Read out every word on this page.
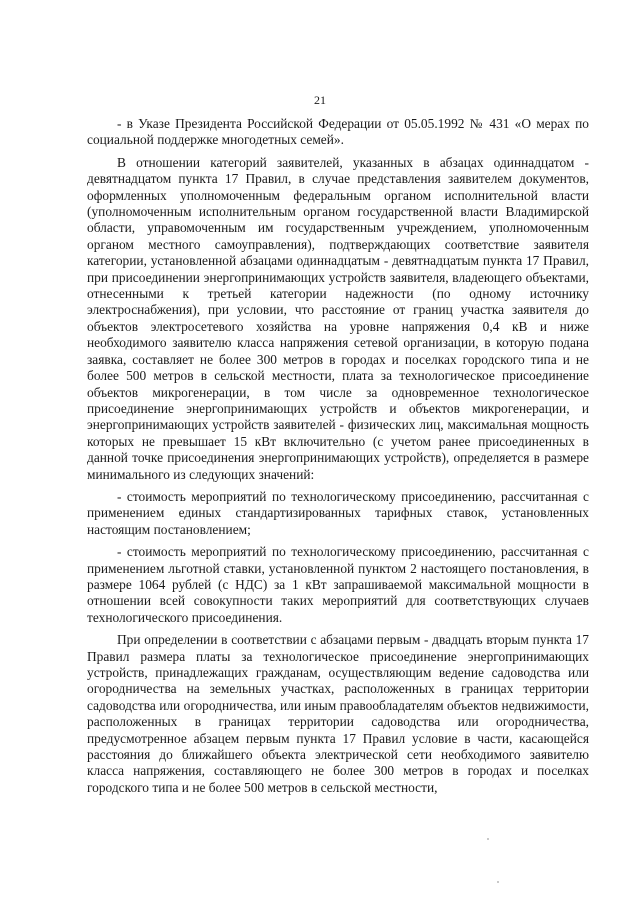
21

- в Указе Президента Российской Федерации от 05.05.1992 № 431 «О мерах по социальной поддержке многодетных семей».

В отношении категорий заявителей, указанных в абзацах одиннадцатом - девятнадцатом пункта 17 Правил, в случае представления заявителем документов, оформленных уполномоченным федеральным органом исполнительной власти (уполномоченным исполнительным органом государственной власти Владимирской области, управомоченным им государственным учреждением, уполномоченным органом местного самоуправления), подтверждающих соответствие заявителя категории, установленной абзацами одиннадцатым - девятнадцатым пункта 17 Правил, при присоединении энергопринимающих устройств заявителя, владеющего объектами, отнесенными к третьей категории надежности (по одному источнику электроснабжения), при условии, что расстояние от границ участка заявителя до объектов электросетевого хозяйства на уровне напряжения 0,4 кВ и ниже необходимого заявителю класса напряжения сетевой организации, в которую подана заявка, составляет не более 300 метров в городах и поселках городского типа и не более 500 метров в сельской местности, плата за технологическое присоединение объектов микрогенерации, в том числе за одновременное технологическое присоединение энергопринимающих устройств и объектов микрогенерации, и энергопринимающих устройств заявителей - физических лиц, максимальная мощность которых не превышает 15 кВт включительно (с учетом ранее присоединенных в данной точке присоединения энергопринимающих устройств), определяется в размере минимального из следующих значений:

- стоимость мероприятий по технологическому присоединению, рассчитанная с применением единых стандартизированных тарифных ставок, установленных настоящим постановлением;

- стоимость мероприятий по технологическому присоединению, рассчитанная с применением льготной ставки, установленной пунктом 2 настоящего постановления, в размере 1064 рублей (с НДС) за 1 кВт запрашиваемой максимальной мощности в отношении всей совокупности таких мероприятий для соответствующих случаев технологического присоединения.

При определении в соответствии с абзацами первым - двадцать вторым пункта 17 Правил размера платы за технологическое присоединение энергопринимающих устройств, принадлежащих гражданам, осуществляющим ведение садоводства или огородничества на земельных участках, расположенных в границах территории садоводства или огородничества, или иным правообладателям объектов недвижимости, расположенных в границах территории садоводства или огородничества, предусмотренное абзацем первым пункта 17 Правил условие в части, касающейся расстояния до ближайшего объекта электрической сети необходимого заявителю класса напряжения, составляющего не более 300 метров в городах и поселках городского типа и не более 500 метров в сельской местности,
